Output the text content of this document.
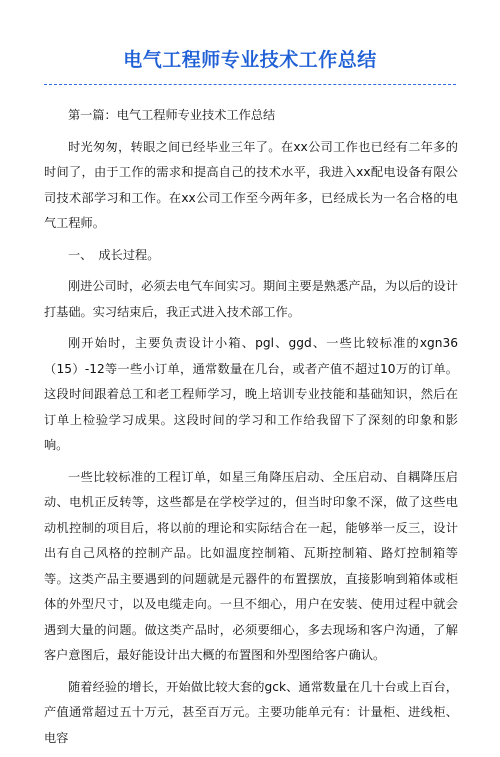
电气工程师专业技术工作总结

第一篇：电气工程师专业技术工作总结

时光匆匆，转眼之间已经毕业三年了。在xx公司工作也已经有二年多的时间了，由于工作的需求和提高自己的技术水平，我进入xx配电设备有限公司技术部学习和工作。在xx公司工作至今两年多，已经成长为一名合格的电气工程师。

一、　成长过程。

刚进公司时，必须去电气车间实习。期间主要是熟悉产品，为以后的设计打基础。实习结束后，我正式进入技术部工作。

刚开始时，主要负责设计小箱、pgl、ggd、一些比较标准的xgn36（15）-12等一些小订单，通常数量在几台，或者产值不超过10万的订单。这段时间跟着总工和老工程师学习，晚上培训专业技能和基础知识，然后在订单上检验学习成果。这段时间的学习和工作给我留下了深刻的印象和影响。

一些比较标准的工程订单，如星三角降压启动、全压启动、自耦降压启动、电机正反转等，这些都是在学校学过的，但当时印象不深，做了这些电动机控制的项目后，将以前的理论和实际结合在一起，能够举一反三，设计出有自己风格的控制产品。比如温度控制箱、瓦斯控制箱、路灯控制箱等等。这类产品主要遇到的问题就是元器件的布置摆放，直接影响到箱体或柜体的外型尺寸，以及电缆走向。一旦不细心，用户在安装、使用过程中就会遇到大量的问题。做这类产品时，必须要细心，多去现场和客户沟通，了解客户意图后，最好能设计出大概的布置图和外型图给客户确认。

随着经验的增长，开始做比较大套的gck、通常数量在几十台或上百台，产值通常超过五十万元，甚至百万元。主要功能单元有：计量柜、进线柜、电容
